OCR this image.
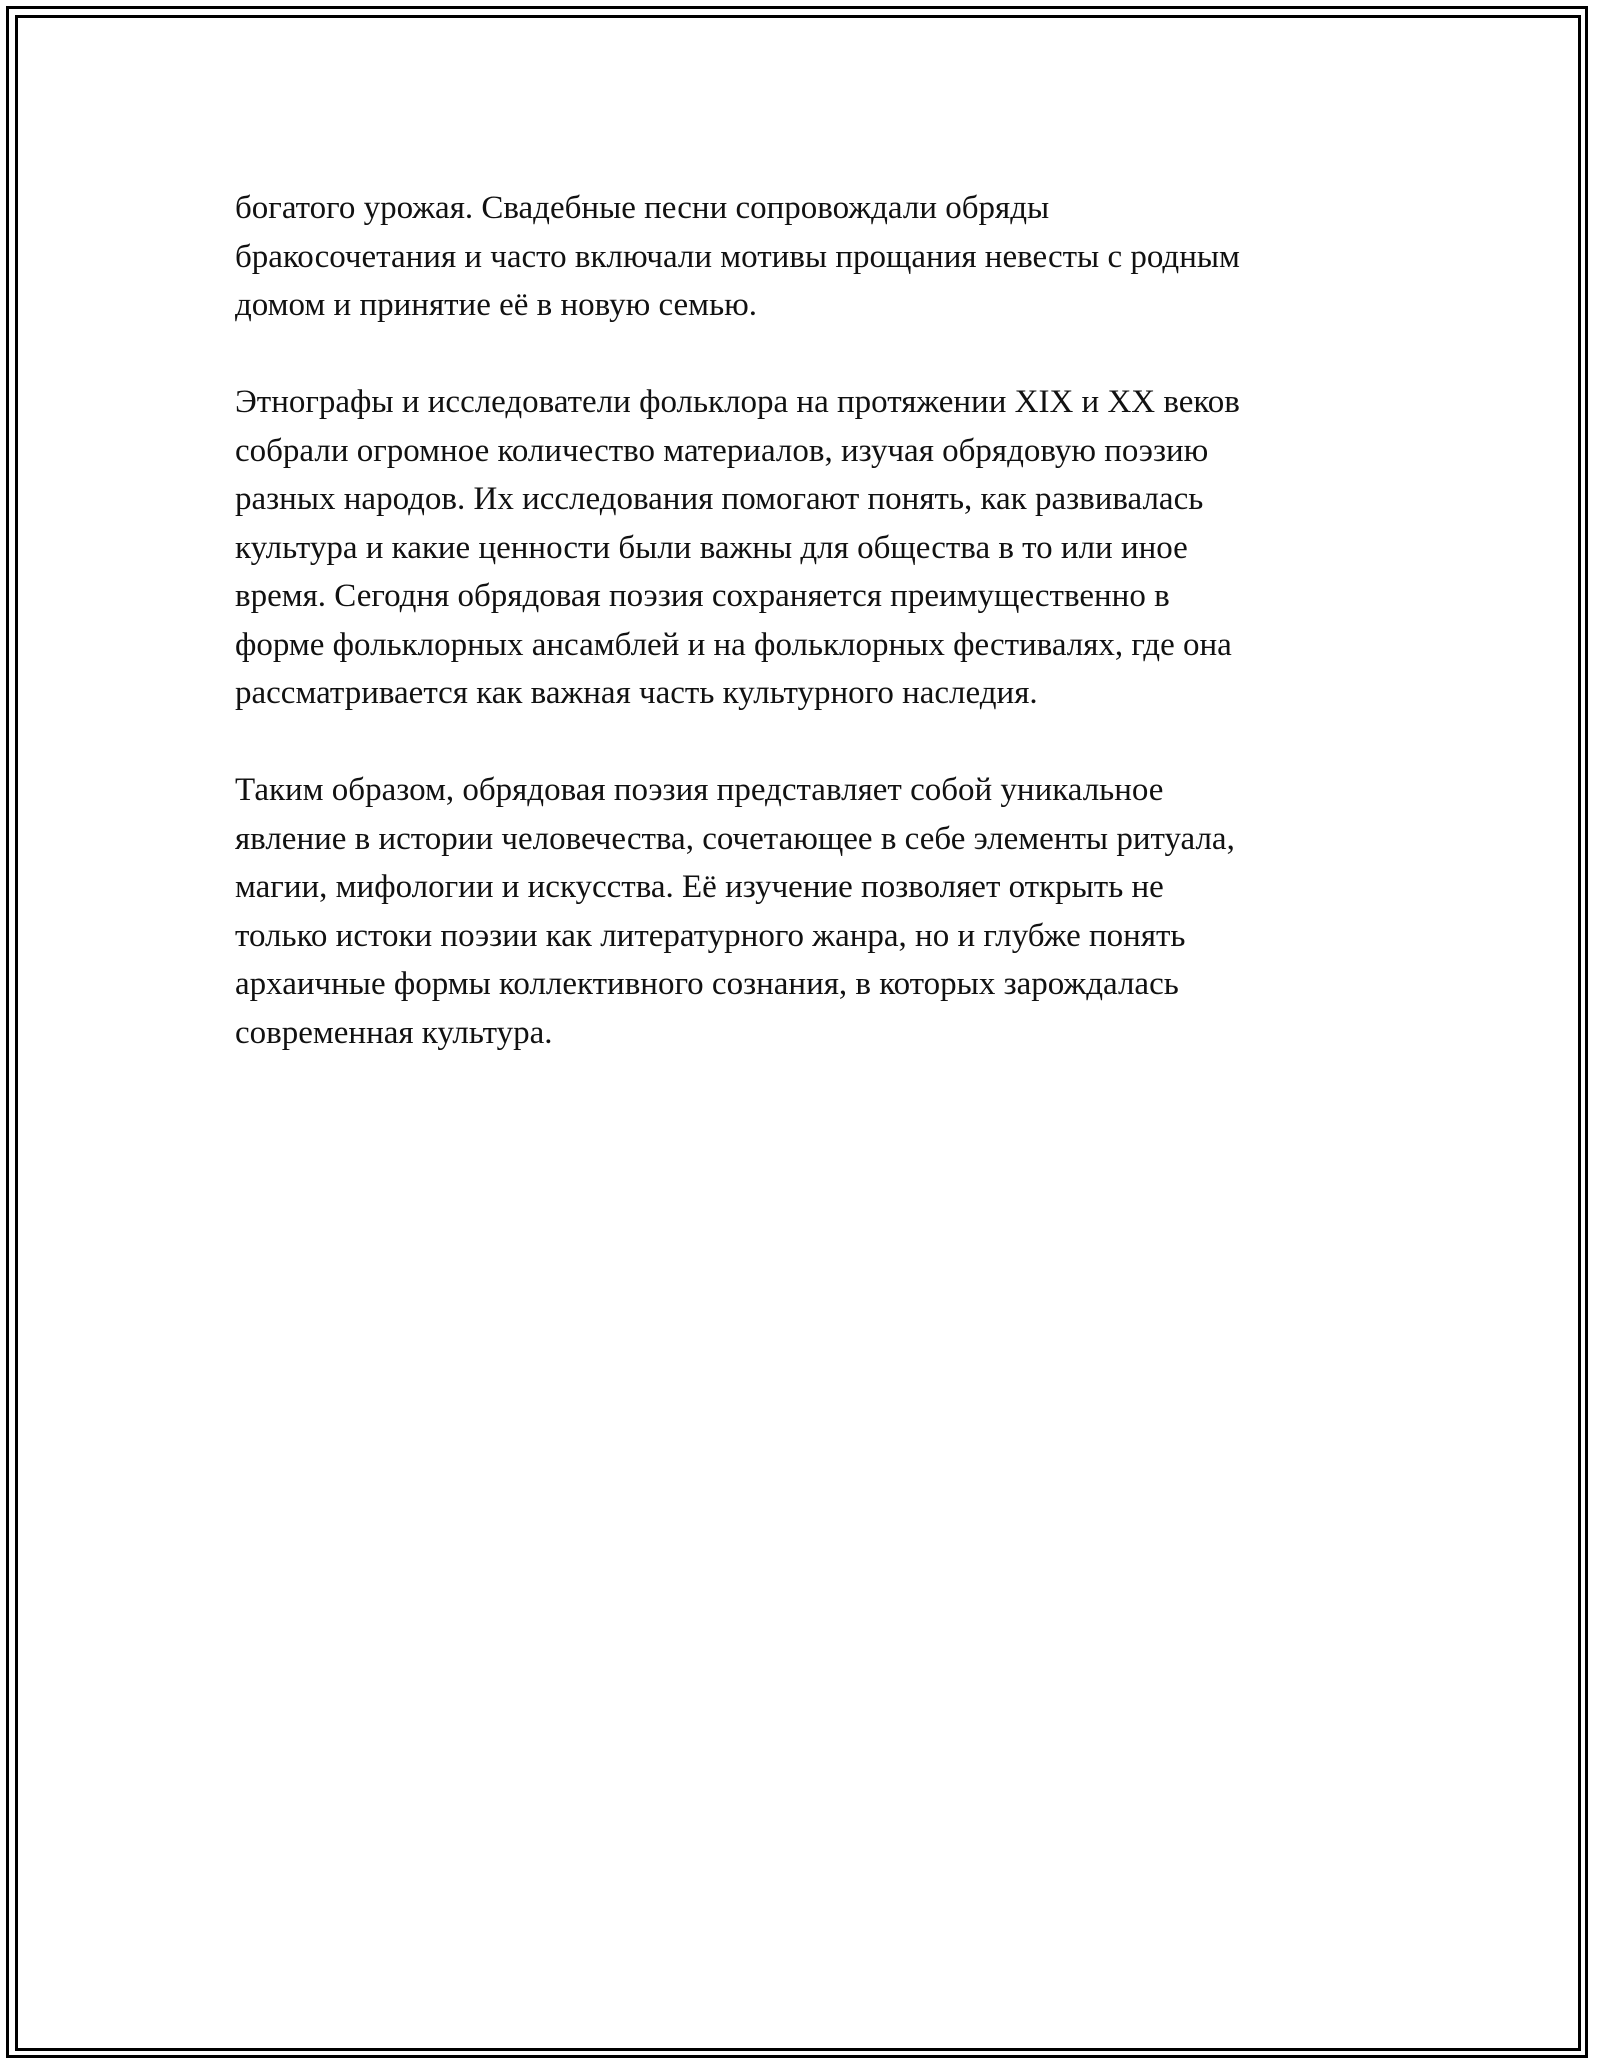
богатого урожая. Свадебные песни сопровождали обряды
бракосочетания и часто включали мотивы прощания невесты с родным
домом и принятие её в новую семью.

Этнографы и исследователи фольклора на протяжении XIX и XX веков
собрали огромное количество материалов, изучая обрядовую поэзию
разных народов. Их исследования помогают понять, как развивалась
культура и какие ценности были важны для общества в то или иное
время. Сегодня обрядовая поэзия сохраняется преимущественно в
форме фольклорных ансамблей и на фольклорных фестивалях, где она
рассматривается как важная часть культурного наследия.

Таким образом, обрядовая поэзия представляет собой уникальное
явление в истории человечества, сочетающее в себе элементы ритуала,
магии, мифологии и искусства. Её изучение позволяет открыть не
только истоки поэзии как литературного жанра, но и глубже понять
архаичные формы коллективного сознания, в которых зарождалась
современная культура.
